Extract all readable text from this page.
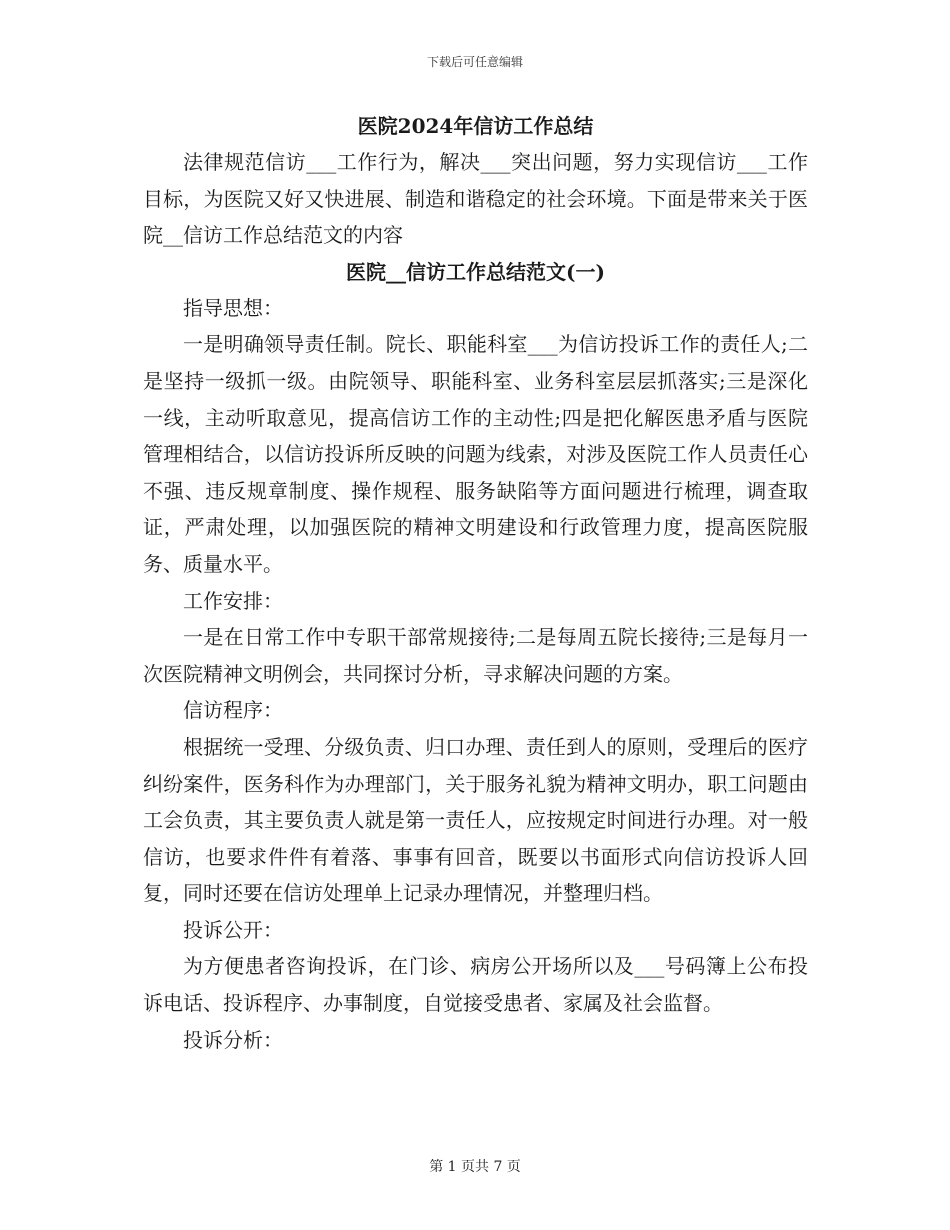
下载后可任意编辑
医院2024年信访工作总结

法律规范信访___工作行为，解决___突出问题，努力实现信访___工作目标，为医院又好又快进展、制造和谐稳定的社会环境。下面是带来关于医院__信访工作总结范文的内容

医院__信访工作总结范文(一)

指导思想：

一是明确领导责任制。院长、职能科室___为信访投诉工作的责任人;二是坚持一级抓一级。由院领导、职能科室、业务科室层层抓落实;三是深化一线，主动听取意见，提高信访工作的主动性;四是把化解医患矛盾与医院管理相结合，以信访投诉所反映的问题为线索，对涉及医院工作人员责任心不强、违反规章制度、操作规程、服务缺陷等方面问题进行梳理，调查取证，严肃处理，以加强医院的精神文明建设和行政管理力度，提高医院服务、质量水平。

工作安排：

一是在日常工作中专职干部常规接待;二是每周五院长接待;三是每月一次医院精神文明例会，共同探讨分析，寻求解决问题的方案。

信访程序：

根据统一受理、分级负责、归口办理、责任到人的原则，受理后的医疗纠纷案件，医务科作为办理部门，关于服务礼貌为精神文明办，职工问题由工会负责，其主要负责人就是第一责任人，应按规定时间进行办理。对一般信访，也要求件件有着落、事事有回音，既要以书面形式向信访投诉人回复，同时还要在信访处理单上记录办理情况，并整理归档。

投诉公开：

为方便患者咨询投诉，在门诊、病房公开场所以及___号码簿上公布投诉电话、投诉程序、办事制度，自觉接受患者、家属及社会监督。

投诉分析：

第 1 页共 7 页
